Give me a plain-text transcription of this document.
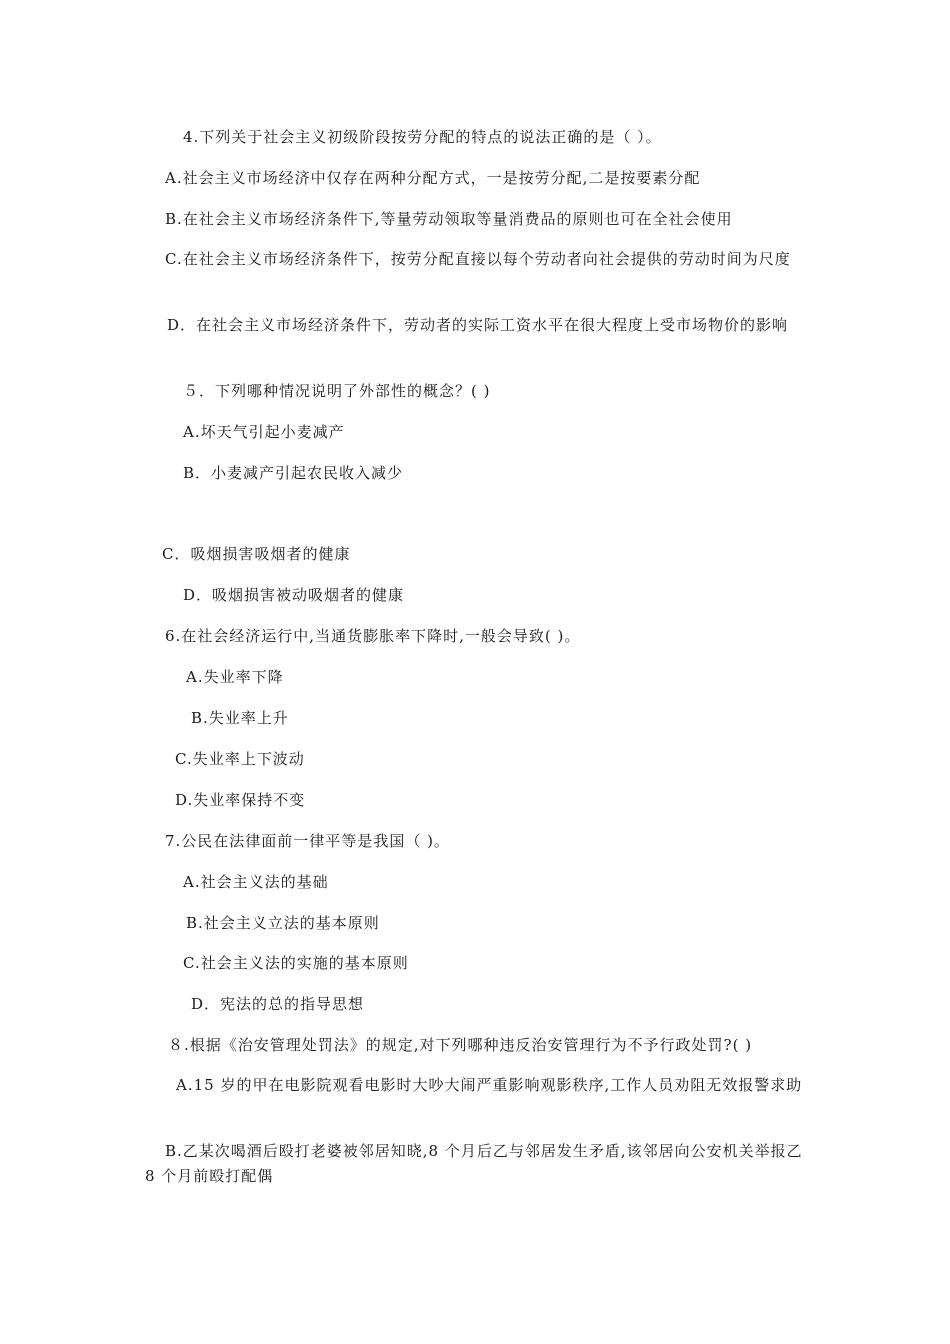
4.下列关于社会主义初级阶段按劳分配的特点的说法正确的是（ ）。
A.社会主义市场经济中仅存在两种分配方式，一是按劳分配,二是按要素分配
B.在社会主义市场经济条件下,等量劳动领取等量消费品的原则也可在全社会使用
C.在社会主义市场经济条件下，按劳分配直接以每个劳动者向社会提供的劳动时间为尺度
D．在社会主义市场经济条件下，劳动者的实际工资水平在很大程度上受市场物价的影响
５．下列哪种情况说明了外部性的概念？( )
A.坏天气引起小麦减产
B．小麦减产引起农民收入减少
C．吸烟损害吸烟者的健康
D．吸烟损害被动吸烟者的健康
6.在社会经济运行中,当通货膨胀率下降时,一般会导致( )。
A.失业率下降
B.失业率上升
C.失业率上下波动
D.失业率保持不变
7.公民在法律面前一律平等是我国（ )。
A.社会主义法的基础
B.社会主义立法的基本原则
C.社会主义法的实施的基本原则
D．宪法的总的指导思想
８.根据《治安管理处罚法》的规定,对下列哪种违反治安管理行为不予行政处罚?( )
A.15 岁的甲在电影院观看电影时大吵大闹严重影响观影秩序,工作人员劝阻无效报警求助
B.乙某次喝酒后殴打老婆被邻居知晓,8 个月后乙与邻居发生矛盾,该邻居向公安机关举报乙 8 个月前殴打配偶
